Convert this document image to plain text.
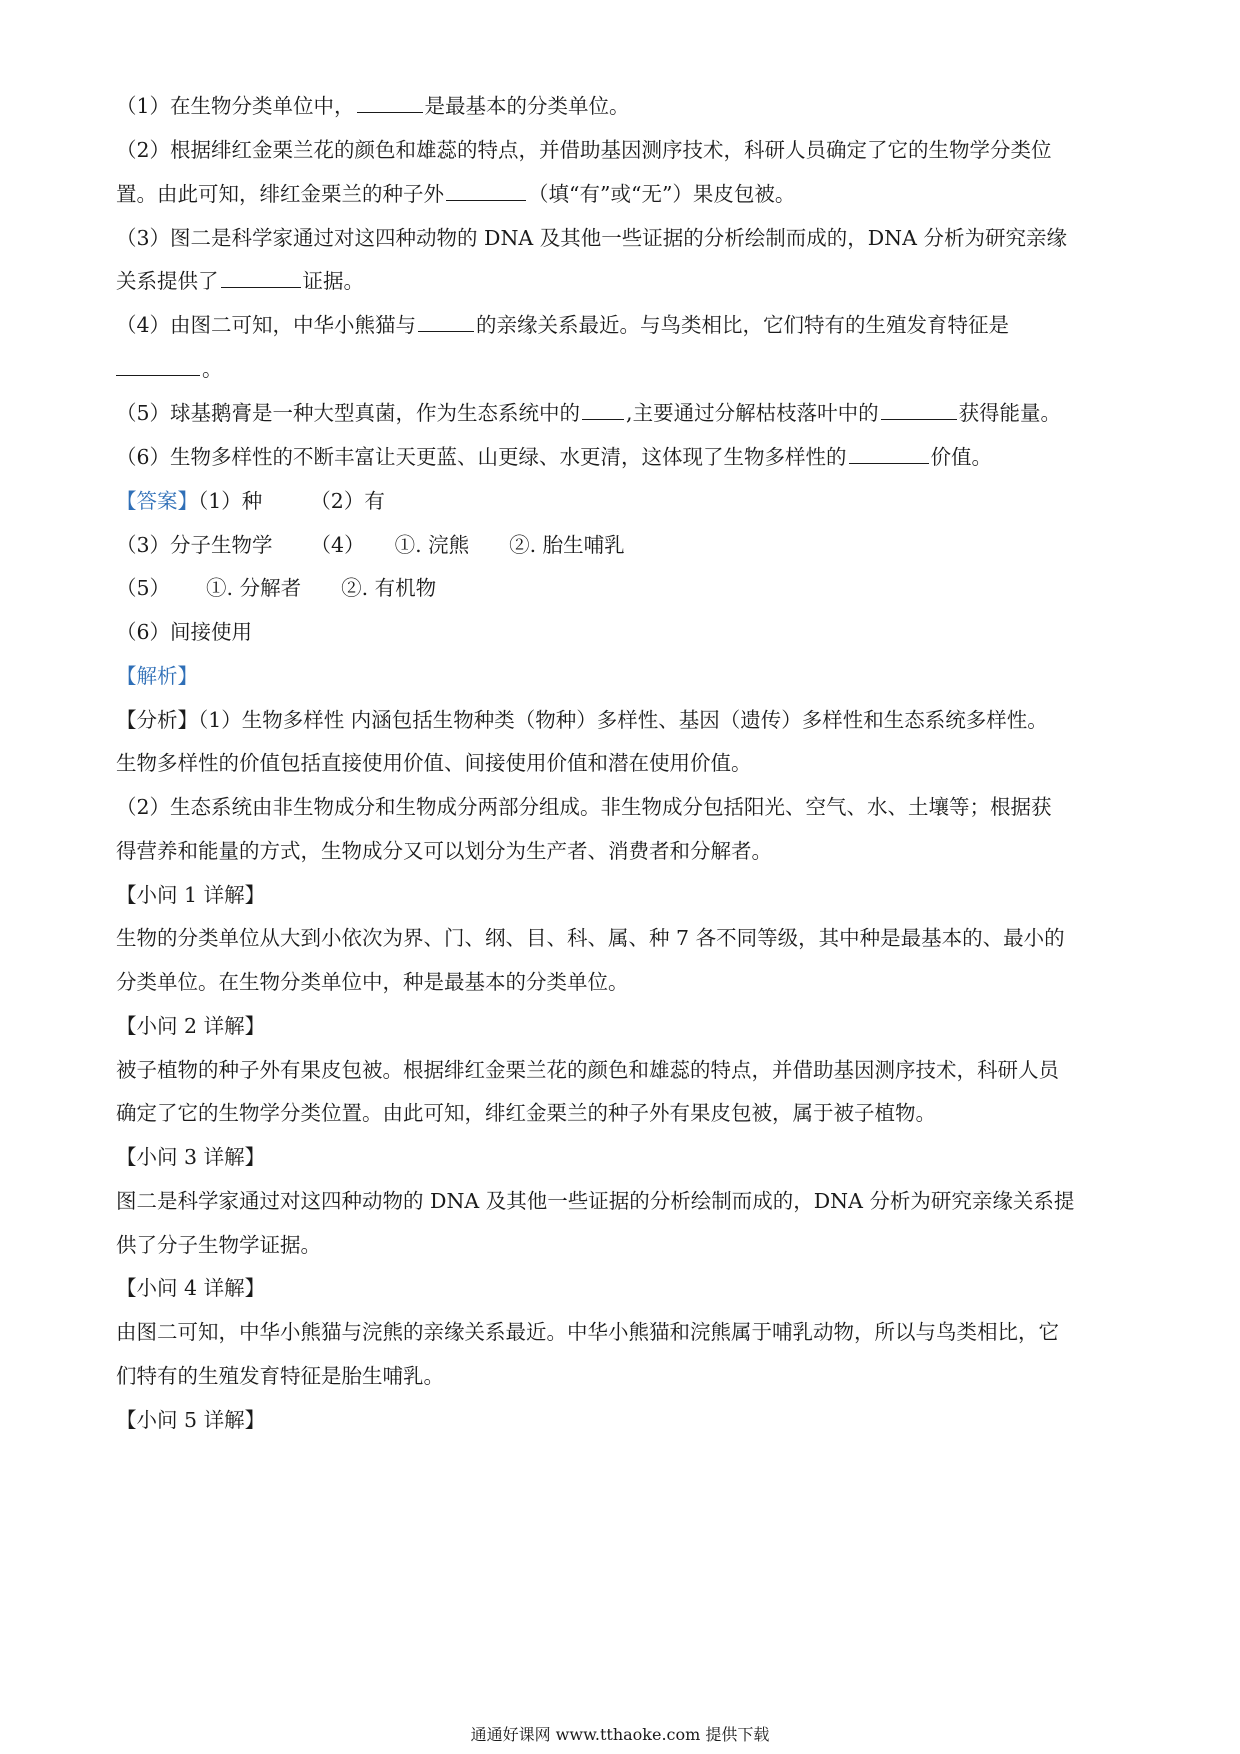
（1）在生物分类单位中，	是最基本的分类单位。
（2）根据绯红金栗兰花的颜色和雄蕊的特点，并借助基因测序技术，科研人员确定了它的生物学分类位
置。由此可知，绯红金栗兰的种子外	（填“有”或“无”）果皮包被。
（3）图二是科学家通过对这四种动物的 DNA 及其他一些证据的分析绘制而成的，DNA 分析为研究亲缘
关系提供了	证据。
（4）由图二可知，中华小熊猫与	的亲缘关系最近。与鸟类相比，它们特有的生殖发育特征是
。
（5）球基鹅膏是一种大型真菌，作为生态系统中的 ,主要通过分解枯枝落叶中的	获得能量。
（6）生物多样性的不断丰富让天更蓝、山更绿、水更清，这体现了生物多样性的	价值。
【答案】（1）种 （2）有
（3）分子生物学 （4） ①. 浣熊 ②. 胎生哺乳
（5） ①. 分解者 ②. 有机物
（6）间接使用
【解析】
【分析】（1）生物多样性 内涵包括生物种类（物种）多样性、基因（遗传）多样性和生态系统多样性。
生物多样性的价值包括直接使用价值、间接使用价值和潜在使用价值。
（2）生态系统由非生物成分和生物成分两部分组成。非生物成分包括阳光、空气、水、土壤等；根据获
得营养和能量的方式，生物成分又可以划分为生产者、消费者和分解者。
【小问 1 详解】
生物的分类单位从大到小依次为界、门、纲、目、科、属、种 7 各不同等级，其中种是最基本的、最小的
分类单位。在生物分类单位中，种是最基本的分类单位。
【小问 2 详解】
被子植物的种子外有果皮包被。根据绯红金栗兰花的颜色和雄蕊的特点，并借助基因测序技术，科研人员
确定了它的生物学分类位置。由此可知，绯红金栗兰的种子外有果皮包被，属于被子植物。
【小问 3 详解】
图二是科学家通过对这四种动物的 DNA 及其他一些证据的分析绘制而成的，DNA 分析为研究亲缘关系提
供了分子生物学证据。
【小问 4 详解】
由图二可知，中华小熊猫与浣熊的亲缘关系最近。中华小熊猫和浣熊属于哺乳动物，所以与鸟类相比，它
们特有的生殖发育特征是胎生哺乳。
【小问 5 详解】
通通好课网 www.tthaoke.com 提供下载
